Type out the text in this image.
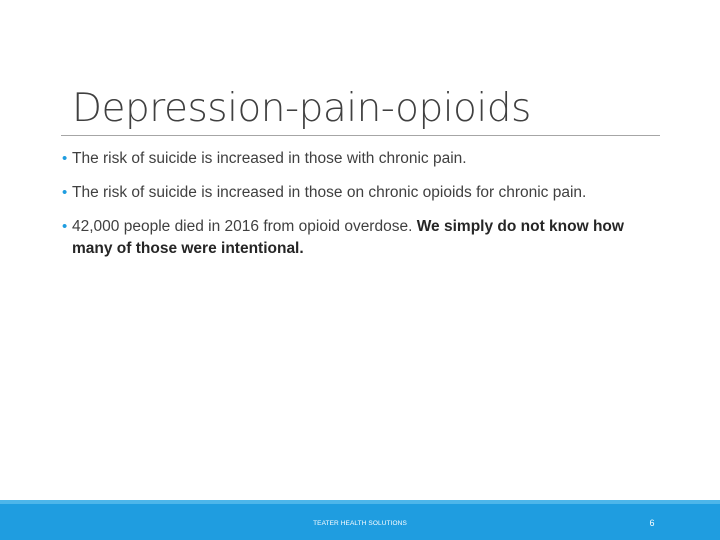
Depression-pain-opioids
• The risk of suicide is increased in those with chronic pain.
• The risk of suicide is increased in those on chronic opioids for chronic pain.
• 42,000 people died in 2016 from opioid overdose. We simply do not know how many of those were intentional.
TEATER HEALTH SOLUTIONS	6
